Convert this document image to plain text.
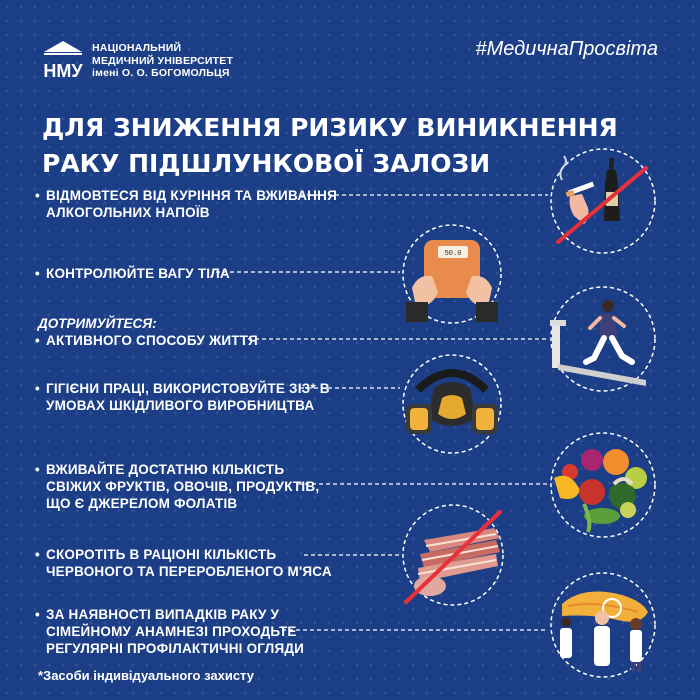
НМУ
НАЦІОНАЛЬНИЙ
МЕДИЧНИЙ УНІВЕРСИТЕТ
імені О. О. БОГОМОЛЬЦЯ
#МедичнаПросвіта
ДЛЯ ЗНИЖЕННЯ РИЗИКУ ВИНИКНЕННЯ
РАКУ ПІДШЛУНКОВОЇ ЗАЛОЗИ
• ВІДМОВТЕСЯ ВІД КУРІННЯ ТА ВЖИВАННЯ
АЛКОГОЛЬНИХ НАПОЇВ
• КОНТРОЛЮЙТЕ ВАГУ ТІЛА
ДОТРИМУЙТЕСЯ:
• АКТИВНОГО СПОСОБУ ЖИТТЯ
• ГІГІЄНИ ПРАЦІ, ВИКОРИСТОВУЙТЕ ЗІЗ* В
УМОВАХ ШКІДЛИВОГО ВИРОБНИЦТВА
• ВЖИВАЙТЕ ДОСТАТНЮ КІЛЬКІСТЬ
СВІЖИХ ФРУКТІВ, ОВОЧІВ, ПРОДУКТІВ,
ЩО Є ДЖЕРЕЛОМ ФОЛАТІВ
• СКОРОТІТЬ В РАЦІОНІ КІЛЬКІСТЬ
ЧЕРВОНОГО ТА ПЕРЕРОБЛЕНОГО М'ЯСА
• ЗА НАЯВНОСТІ ВИПАДКІВ РАКУ У
СІМЕЙНОМУ АНАМНЕЗІ ПРОХОДЬТЕ
РЕГУЛЯРНІ ПРОФІЛАКТИЧНІ ОГЛЯДИ
*Засоби індивідуального захисту
50.0
